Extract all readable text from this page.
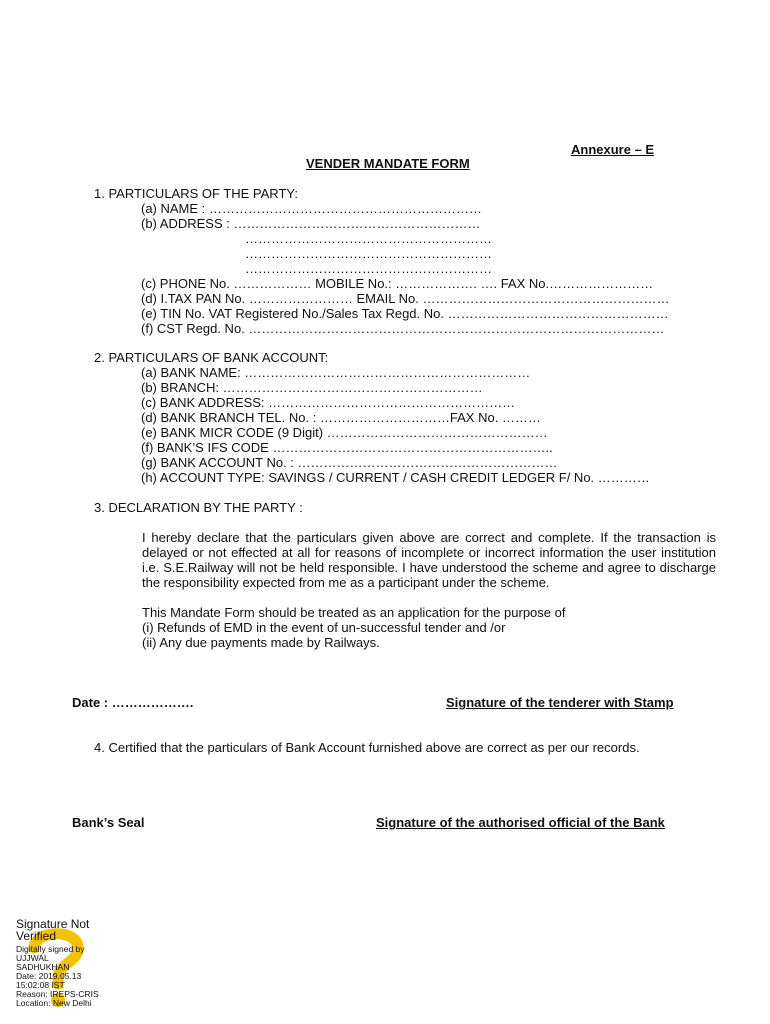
Annexure – E
VENDER MANDATE FORM
1. PARTICULARS OF THE PARTY:
(a) NAME : ………………………………………………………
(b) ADDRESS : …………………………………………………
…………………………………………………
…………………………………………………
…………………………………………………
(c) PHONE No. ……………… MOBILE No.: ………………. …. FAX No.……………………
(d) I.TAX PAN No. …………………… EMAIL No. …………………………………………………
(e) TIN No. VAT Registered No./Sales Tax Regd. No. ……………………………………………
(f) CST Regd. No. ……………………………………………………………………………………
2. PARTICULARS OF BANK ACCOUNT:
(a) BANK NAME: …………………………………………………………
(b) BRANCH: ……………………………………………………
(c) BANK ADDRESS: …………………………………………………
(d) BANK BRANCH TEL. No. : …………………………FAX No. ………
(e) BANK MICR CODE (9 Digit) ……………………………………………
(f) BANK’S IFS CODE ………………………………………………………..
(g) BANK ACCOUNT No. : ……………………………………………………
(h) ACCOUNT TYPE: SAVINGS / CURRENT / CASH CREDIT LEDGER F/ No. …………
3. DECLARATION BY THE PARTY :
I hereby declare that the particulars given above are correct and complete. If the transaction is delayed or not effected at all for reasons of incomplete or incorrect information the user institution i.e. S.E.Railway will not be held responsible. I have understood the scheme and agree to discharge the responsibility expected from me as a participant under the scheme.
This Mandate Form should be treated as an application for the purpose of
(i) Refunds of EMD in the event of un-successful tender and /or
(ii) Any due payments made by Railways.
Date : ……………….	Signature of the tenderer with Stamp
4. Certified that the particulars of Bank Account furnished above are correct as per our records.
Bank’s Seal	Signature of the authorised official of the Bank
Signature Not
Verified
Digitally signed by
UJJWAL
SADHUKHAN
Date: 2019.05.13
15:02:08 IST
Reason: IREPS-CRIS
Location: New Delhi
